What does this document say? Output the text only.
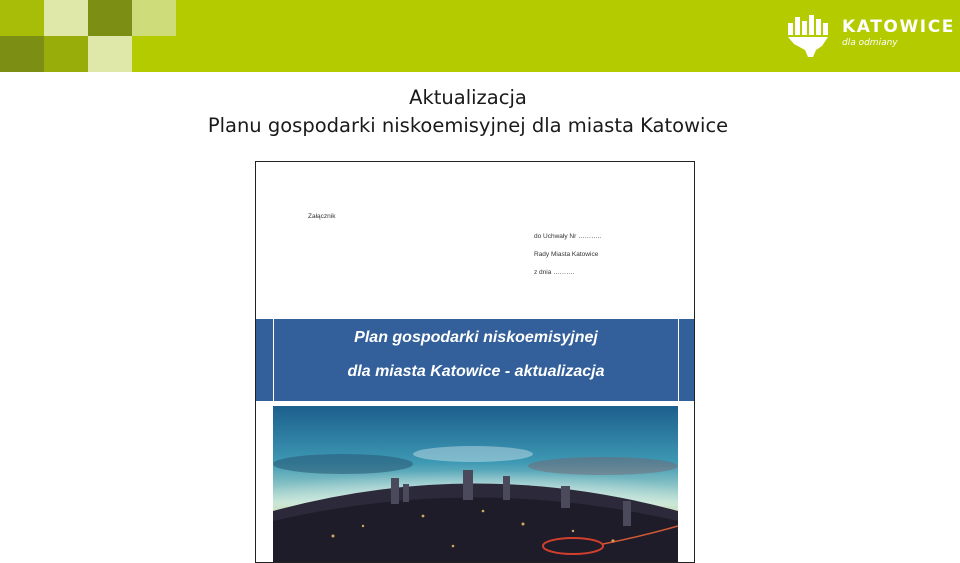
KATOWICE
dla odmiany
Aktualizacja
Planu gospodarki niskoemisyjnej dla miasta Katowice
Załącznik
do Uchwały Nr ………..
Rady Miasta Katowice
z dnia ……….
Plan gospodarki niskoemisyjnej
dla miasta Katowice - aktualizacja
